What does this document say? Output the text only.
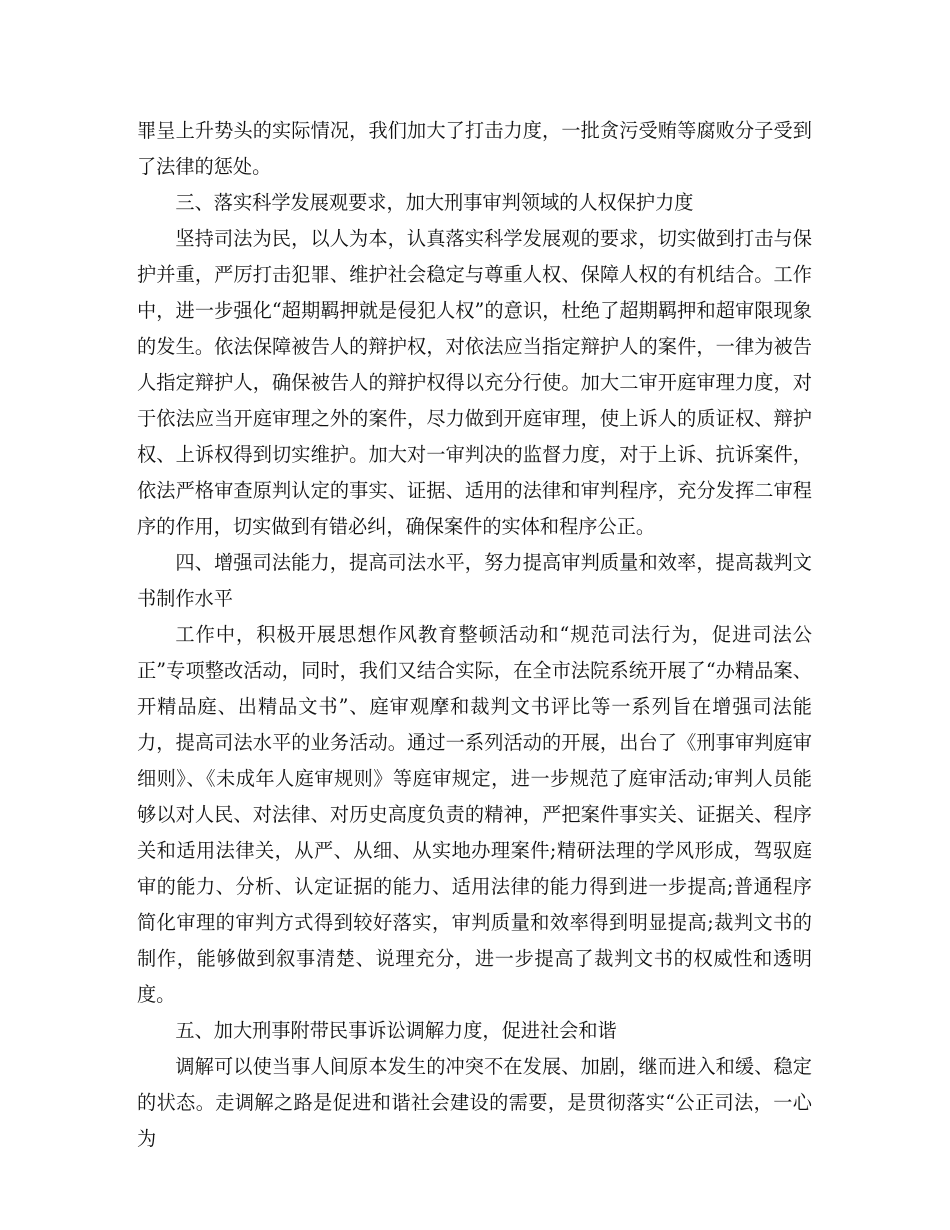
罪呈上升势头的实际情况，我们加大了打击力度，一批贪污受贿等腐败分子受到了法律的惩处。

三、落实科学发展观要求，加大刑事审判领域的人权保护力度

坚持司法为民，以人为本，认真落实科学发展观的要求，切实做到打击与保护并重，严厉打击犯罪、维护社会稳定与尊重人权、保障人权的有机结合。工作中，进一步强化“超期羁押就是侵犯人权”的意识，杜绝了超期羁押和超审限现象的发生。依法保障被告人的辩护权，对依法应当指定辩护人的案件，一律为被告人指定辩护人，确保被告人的辩护权得以充分行使。加大二审开庭审理力度，对于依法应当开庭审理之外的案件，尽力做到开庭审理，使上诉人的质证权、辩护权、上诉权得到切实维护。加大对一审判决的监督力度，对于上诉、抗诉案件，依法严格审查原判认定的事实、证据、适用的法律和审判程序，充分发挥二审程序的作用，切实做到有错必纠，确保案件的实体和程序公正。

四、增强司法能力，提高司法水平，努力提高审判质量和效率，提高裁判文书制作水平

工作中，积极开展思想作风教育整顿活动和“规范司法行为，促进司法公正”专项整改活动，同时，我们又结合实际，在全市法院系统开展了“办精品案、开精品庭、出精品文书”、庭审观摩和裁判文书评比等一系列旨在增强司法能力，提高司法水平的业务活动。通过一系列活动的开展，出台了《刑事审判庭审细则》、《未成年人庭审规则》等庭审规定，进一步规范了庭审活动;审判人员能够以对人民、对法律、对历史高度负责的精神，严把案件事实关、证据关、程序关和适用法律关，从严、从细、从实地办理案件;精研法理的学风形成，驾驭庭审的能力、分析、认定证据的能力、适用法律的能力得到进一步提高;普通程序简化审理的审判方式得到较好落实，审判质量和效率得到明显提高;裁判文书的制作，能够做到叙事清楚、说理充分，进一步提高了裁判文书的权威性和透明度。

五、加大刑事附带民事诉讼调解力度，促进社会和谐

调解可以使当事人间原本发生的冲突不在发展、加剧，继而进入和缓、稳定的状态。走调解之路是促进和谐社会建设的需要，是贯彻落实“公正司法，一心为
